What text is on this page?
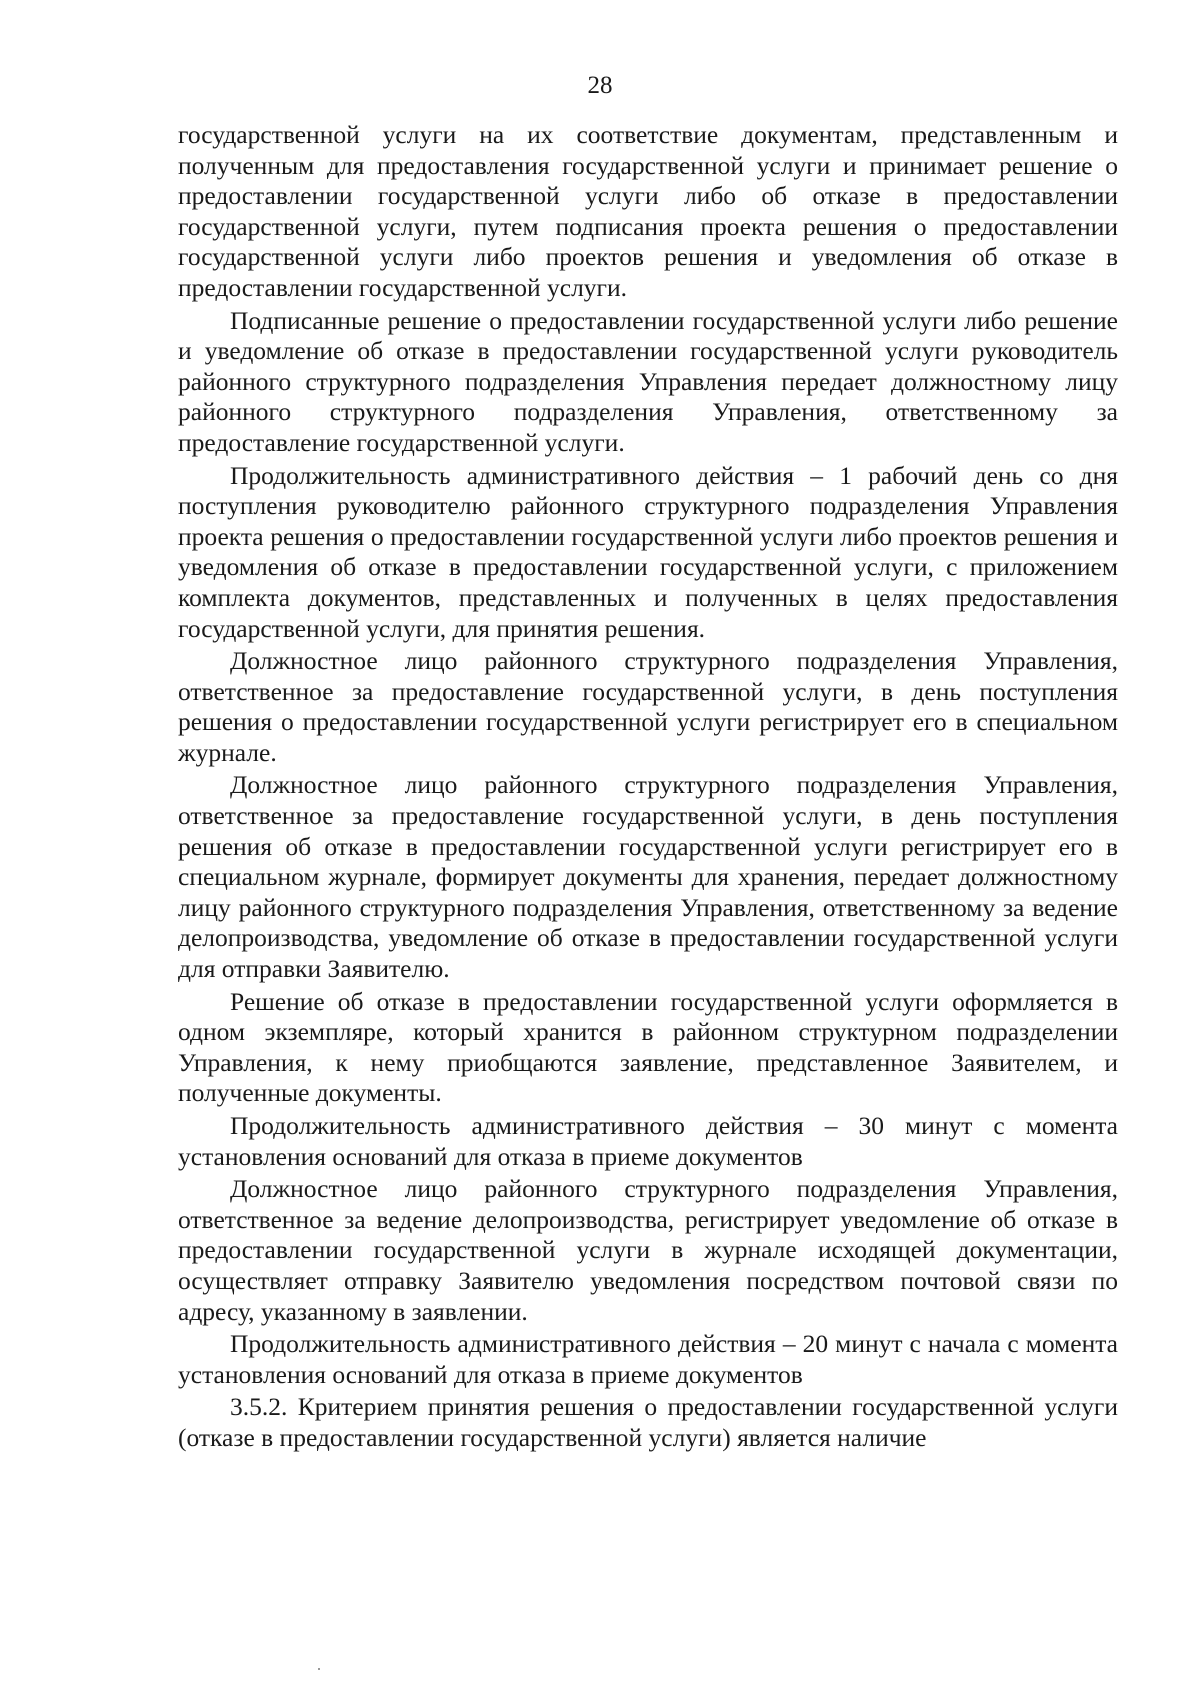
28

государственной услуги на их соответствие документам, представленным и полученным для предоставления государственной услуги и принимает решение о предоставлении государственной услуги либо об отказе в предоставлении государственной услуги, путем подписания проекта решения о предоставлении государственной услуги либо проектов решения и уведомления об отказе в предоставлении государственной услуги.

Подписанные решение о предоставлении государственной услуги либо решение и уведомление об отказе в предоставлении государственной услуги руководитель районного структурного подразделения Управления передает должностному лицу районного структурного подразделения Управления, ответственному за предоставление государственной услуги.

Продолжительность административного действия – 1 рабочий день со дня поступления руководителю районного структурного подразделения Управления проекта решения о предоставлении государственной услуги либо проектов решения и уведомления об отказе в предоставлении государственной услуги, с приложением комплекта документов, представленных и полученных в целях предоставления государственной услуги, для принятия решения.

Должностное лицо районного структурного подразделения Управления, ответственное за предоставление государственной услуги, в день поступления решения о предоставлении государственной услуги регистрирует его в специальном журнале.

Должностное лицо районного структурного подразделения Управления, ответственное за предоставление государственной услуги, в день поступления решения об отказе в предоставлении государственной услуги регистрирует его в специальном журнале, формирует документы для хранения, передает должностному лицу районного структурного подразделения Управления, ответственному за ведение делопроизводства, уведомление об отказе в предоставлении государственной услуги для отправки Заявителю.

Решение об отказе в предоставлении государственной услуги оформляется в одном экземпляре, который хранится в районном структурном подразделении Управления, к нему приобщаются заявление, представленное Заявителем, и полученные документы.

Продолжительность административного действия – 30 минут с момента установления оснований для отказа в приеме документов

Должностное лицо районного структурного подразделения Управления, ответственное за ведение делопроизводства, регистрирует уведомление об отказе в предоставлении государственной услуги в журнале исходящей документации, осуществляет отправку Заявителю уведомления посредством почтовой связи по адресу, указанному в заявлении.

Продолжительность административного действия – 20 минут с начала с момента установления оснований для отказа в приеме документов

3.5.2. Критерием принятия решения о предоставлении государственной услуги (отказе в предоставлении государственной услуги) является наличие
